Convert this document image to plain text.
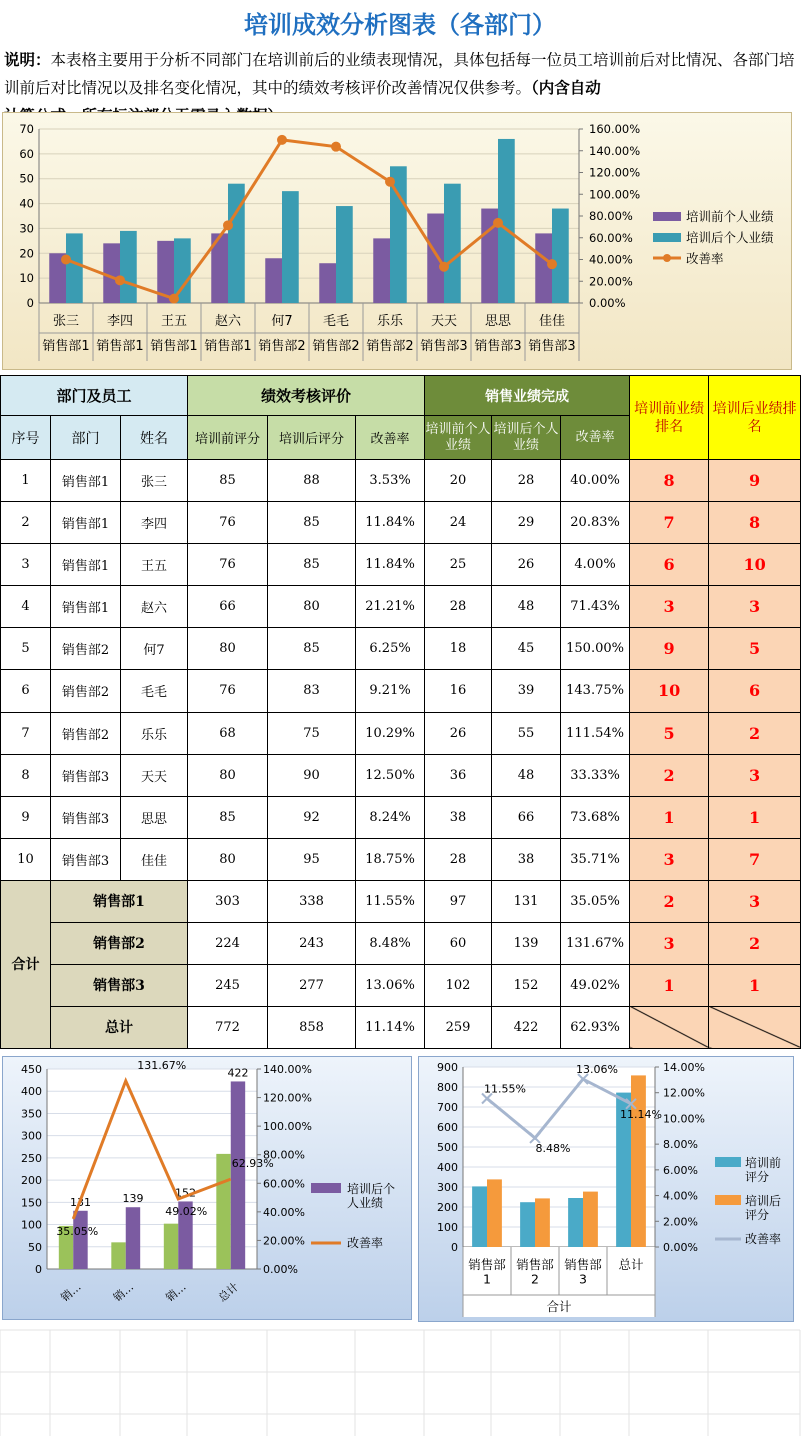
培训成效分析图表（各部门）
说明：本表格主要用于分析不同部门在培训前后的业绩表现情况，具体包括每一位员工培训前后对比情况、各部门培训前后对比情况以及排名变化情况，其中的绩效考核评价改善情况仅供参考。（内含自动

0
10
20
30
40
50
60
70
0.00%
20.00%
40.00%
60.00%
80.00%
100.00%
120.00%
140.00%
160.00%
张三
销售部1
李四
销售部1
王五
销售部1
赵六
销售部1
何7
销售部2
毛毛
销售部2
乐乐
销售部2
天天
销售部3
思思
销售部3
佳佳
销售部3
培训前个人业绩
培训后个人业绩
改善率
部门及员工			绩效考核评价			销售业绩完成			培训前业绩排名	培训后业绩排名
序号	部门	姓名	培训前评分	培训后评分	改善率	培训前个人业绩	培训后个人业绩	改善率		
1	销售部1	张三	85	88	3.53%	20	28	40.00%	8	9
2	销售部1	李四	76	85	11.84%	24	29	20.83%	7	8
3	销售部1	王五	76	85	11.84%	25	26	4.00%	6	10
4	销售部1	赵六	66	80	21.21%	28	48	71.43%	3	3
5	销售部2	何7	80	85	6.25%	18	45	150.00%	9	5
6	销售部2	毛毛	76	83	9.21%	16	39	143.75%	10	6
7	销售部2	乐乐	68	75	10.29%	26	55	111.54%	5	2
8	销售部3	天天	80	90	12.50%	36	48	33.33%	2	3
9	销售部3	思思	85	92	8.24%	38	66	73.68%	1	1
10	销售部3	佳佳	80	95	18.75%	28	38	35.71%	3	7
合计	销售部1		303	338	11.55%	97	131	35.05%	2	3
	销售部2		224	243	8.48%	60	139	131.67%	3	2
	销售部3		245	277	13.06%	102	152	49.02%	1	1
	总计		772	858	11.14%	259	422	62.93%		
0
50
100
150
200
250
300
350
400
450
0.00%
20.00%
40.00%
60.00%
80.00%
100.00%
120.00%
140.00%
131	139	152
422
35.05%
131.67%
49.02%
62.93%
销… 销… 销… 总计
培训后个人业绩
改善率	0
100
200
300
400
500
600
700
800
900
0.00%
2.00%
4.00%
6.00%
8.00%
10.00%
12.00%
14.00%
11.55%
8.48%
13.06%
11.14%
销售部 1
销售部 2
销售部 3
总计
合计
培训前评分
培训后评分
改善率
